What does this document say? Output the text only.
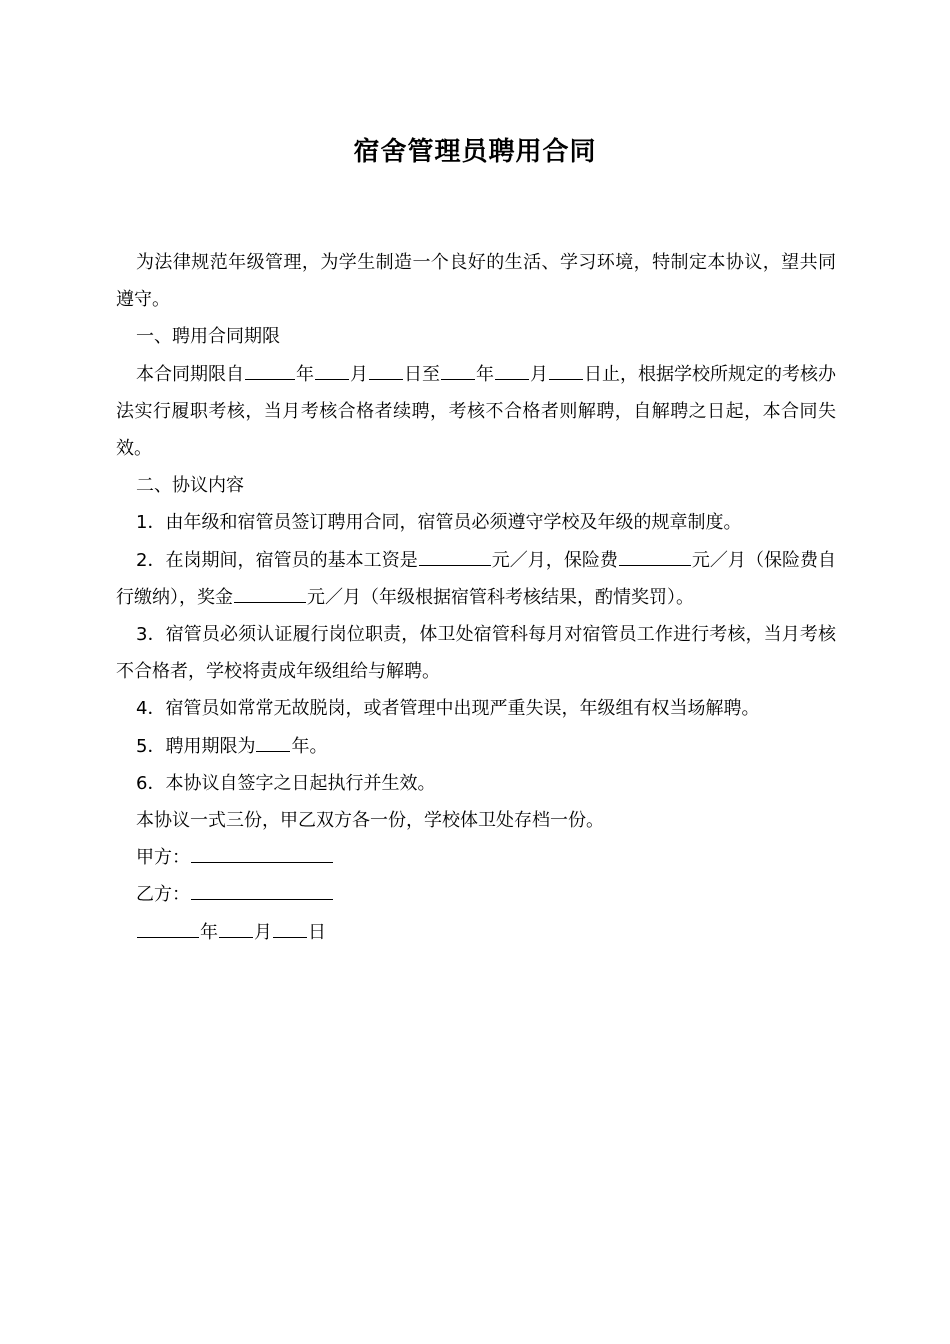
宿舍管理员聘用合同

为法律规范年级管理，为学生制造一个良好的生活、学习环境，特制定本协议，望共同遵守。

一、聘用合同期限

本合同期限自	年 月 日至 年 月 日止，根据学校所规定的考核办法实行履职考核，当月考核合格者续聘，考核不合格者则解聘，自解聘之日起，本合同失效。

二、协议内容

1．由年级和宿管员签订聘用合同，宿管员必须遵守学校及年级的规章制度。

2．在岗期间，宿管员的基本工资是	元／月，保险费	元／月（保险费自行缴纳），奖金	元／月（年级根据宿管科考核结果，酌情奖罚）。

3．宿管员必须认证履行岗位职责，体卫处宿管科每月对宿管员工作进行考核，当月考核不合格者，学校将责成年级组给与解聘。

4．宿管员如常常无故脱岗，或者管理中出现严重失误，年级组有权当场解聘。

5．聘用期限为 年。

6．本协议自签字之日起执行并生效。

本协议一式三份，甲乙双方各一份，学校体卫处存档一份。

甲方：

乙方：

年 月 日
